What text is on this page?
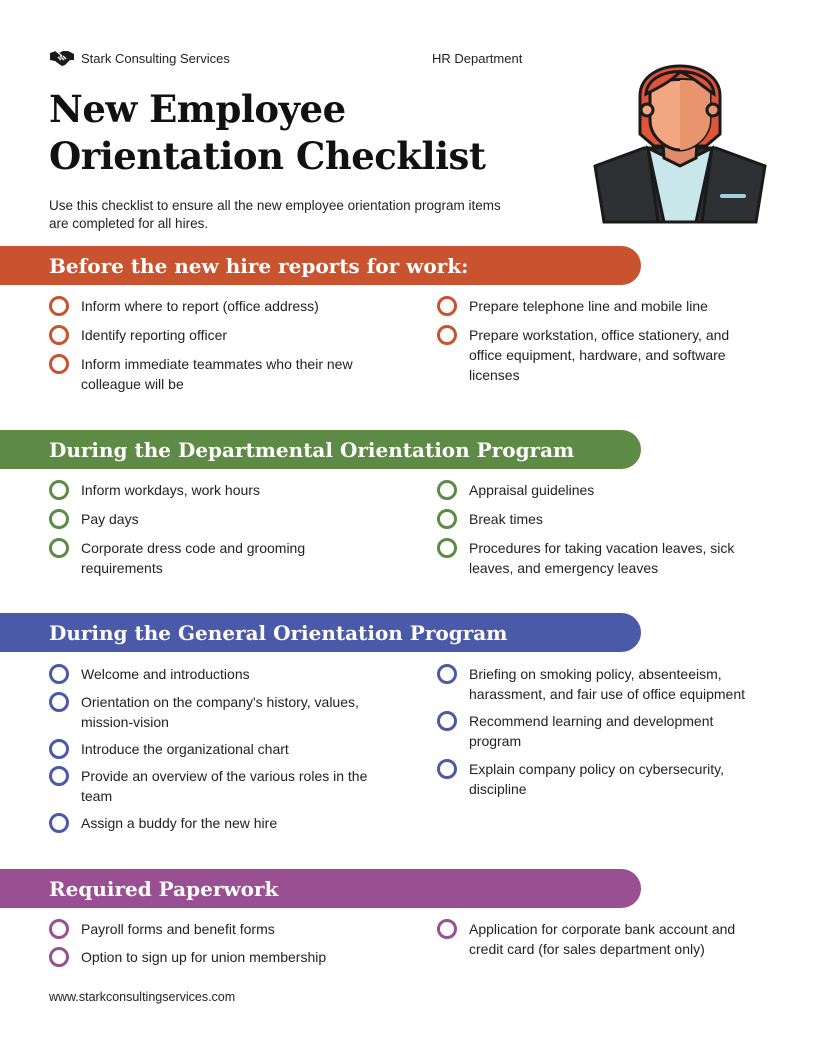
Stark Consulting Services	HR Department
New Employee
Orientation Checklist

Use this checklist to ensure all the new employee orientation program items are completed for all hires.

Before the new hire reports for work:
Inform where to report (office address)
Identify reporting officer
Inform immediate teammates who their new colleague will be
Prepare telephone line and mobile line
Prepare workstation, office stationery, and office equipment, hardware, and software licenses
During the Departmental Orientation Program
Inform workdays, work hours
Pay days
Corporate dress code and grooming requirements
Appraisal guidelines
Break times
Procedures for taking vacation leaves, sick leaves, and emergency leaves
During the General Orientation Program
Welcome and introductions
Orientation on the company's history, values, mission-vision
Introduce the organizational chart
Provide an overview of the various roles in the team
Assign a buddy for the new hire
Briefing on smoking policy, absenteeism, harassment, and fair use of office equipment
Recommend learning and development program
Explain company policy on cybersecurity, discipline
Required Paperwork
Payroll forms and benefit forms
Option to sign up for union membership
Application for corporate bank account and credit card (for sales department only)
www.starkconsultingservices.com
